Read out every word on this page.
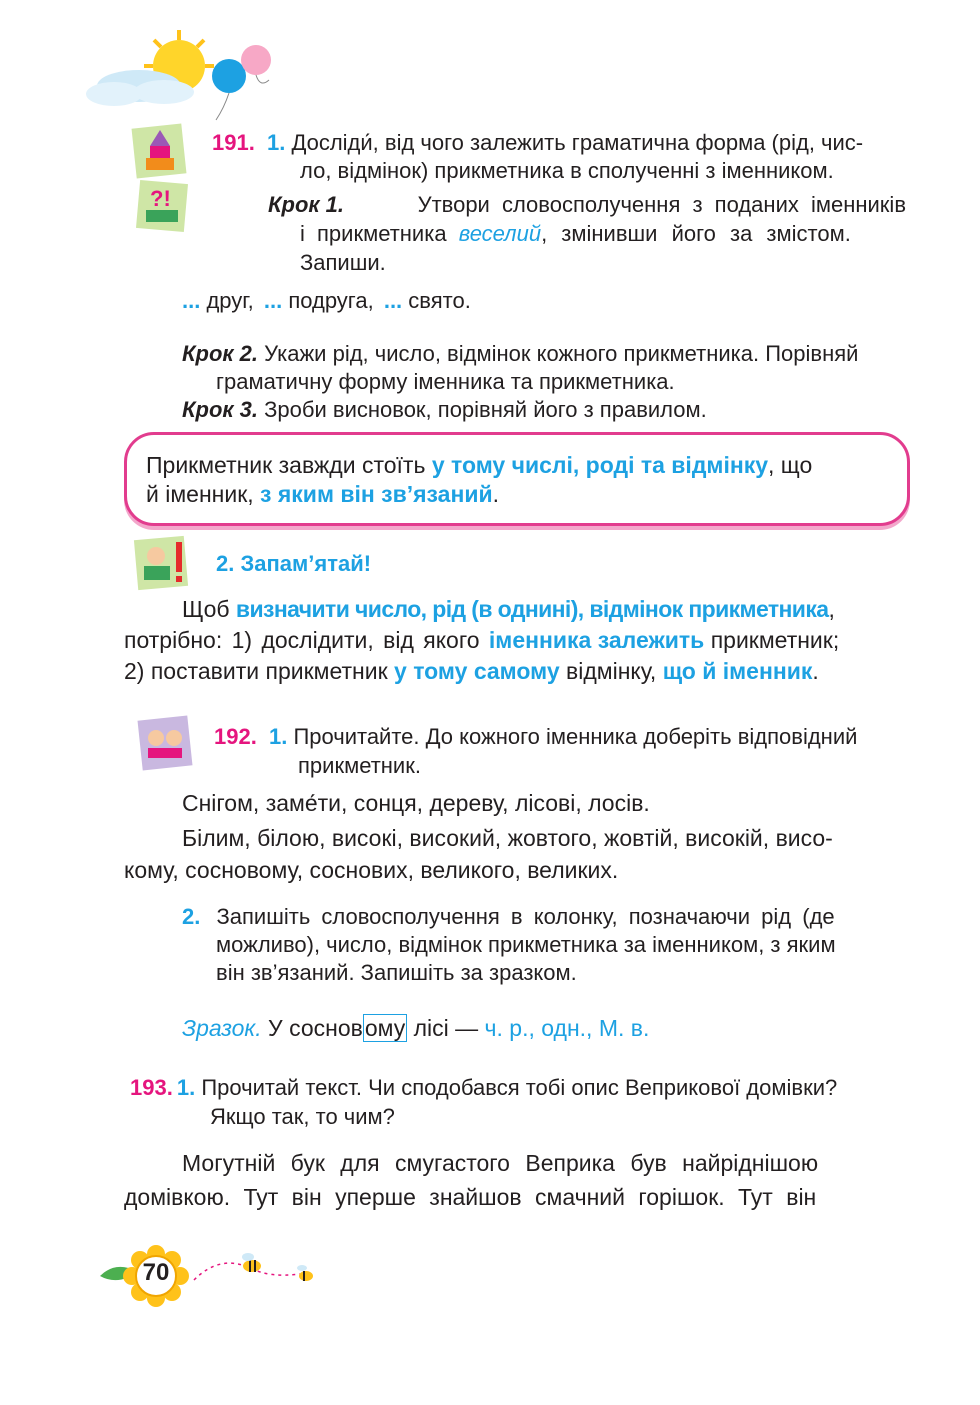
?!
191. 1. Досліди́, від чого залежить граматична форма (рід, чис-
ло, відмінок) прикметника в сполученні з іменником.
Крок 1.	Утвори словосполучення з поданих іменників
і прикметника веселий, змінивши його за змістом.
Запиши.
... друг, ... подруга, ... свято.
Крок 2. Укажи рід, число, відмінок кожного прикметника. Порівняй
граматичну форму іменника та прикметника.
Крок 3. Зроби висновок, порівняй його з правилом.
Прикметник завжди стоїть у тому числі, роді та відмінку, що
й іменник, з яким він зв’язаний.
2. Запам’ятай!
Щоб визначити число, рід (в однині), відмінок прикметника,
потрібно: 1) дослідити, від якого іменника залежить прикметник;
2) поставити прикметник у тому самому відмінку, що й іменник.
192. 1. Прочитайте. До кожного іменника доберіть відповідний
прикметник.
Снігом, заме́ти, сонця, дереву, лісові, лосів.
Білим, білою, високі, високий, жовтого, жовтій, високій, висо-
кому, сосновому, соснових, великого, великих.
2. Запишіть словосполучення в колонку, позначаючи рід (де
можливо), число, відмінок прикметника за іменником, з яким
він зв’язаний. Запишіть за зразком.
Зразок. У сосновому лісі — ч. р., одн., М. в.
193. 1. Прочитай текст. Чи сподобався тобі опис Веприкової домівки?
Якщо так, то чим?
Могутній бук для смугастого Веприка був найріднішою
домівкою. Тут він уперше знайшов смачний горішок. Тут він
70
